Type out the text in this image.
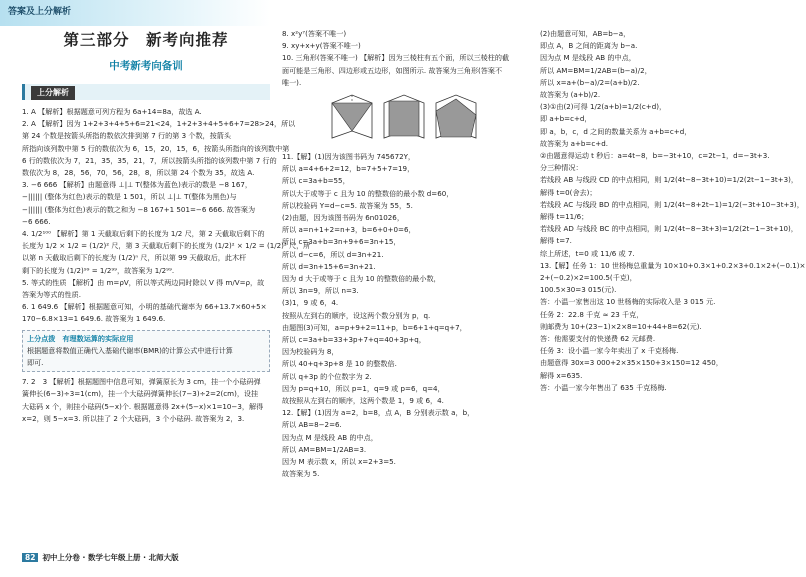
答案及上分解析
第三部分　新考向推荐
中考新考向备训
上分解析
1. A 【解析】根据题意可列方程为 6a+14=8a，故选 A.
2. A 【解析】因为 1+2+3+4+5+6=21<24，1+2+3+4+5+6+7=28>24，所以
第 24 个数是按箭头所指的数依次排到第 7 行的第 3 个数，按箭头
所指向该列数中第 5 行的数依次为 6，15，20，15，6，按箭头所指向的该列数中第
6 行的数依次为 7，21，35，35，21，7，所以按箭头所指的该列数中第 7 行的
数依次为 8，28，56，70，56，28，8，所以第 24 个数为 35，故选 A.
3. −6 666 【解析】由题意得 ⊥|⊥ T(整体为蓝色)表示的数是 −8 167，
−|||||| (整体为红色)表示的数是 1 501，所以 ⊥|⊥ T(整体为黑色)与
−|||||| (整体为红色)表示的数之和为 −8 167+1 501=−6 666. 故答案为
−6 666.
4. 1/2¹⁰⁰ 【解析】第 1 天截取后剩下的长度为 1/2 尺，第 2 天截取后剩下的
长度为 1/2 × 1/2 = (1/2)² 尺，第 3 天截取后剩下的长度为 (1/2)² × 1/2 = (1/2)³ 尺，所
以第 n 天截取后剩下的长度为 (1/2)ⁿ 尺，所以第 99 天截取后，此木杆
剩下的长度为 (1/2)⁹⁹ = 1/2⁹⁹，故答案为 1/2⁹⁹.
5. 等式的性质 【解析】由 m=ρV，所以等式两边同时除以 V 得 m/V=ρ，故
答案为等式的性质.
6. 1 649.6 【解析】根据题意可知，小明的基础代谢率为 66+13.7×60+5×
170−6.8×13=1 649.6. 故答案为 1 649.6.
上分点拨　有理数运算的实际应用
根据题意将数值正确代入基础代谢率(BMR)的计算公式中进行计算
即可.
7. 2　3 【解析】根据题图中信息可知，弹簧原长为 3 cm，挂一个小砝码弹
簧伸长(6−3)÷3=1(cm)，挂一个大砝码弹簧伸长(7−3)÷2=2(cm)，设挂
大砝码 x 个，则挂小砝码(5−x)个. 根据题意得 2x+(5−x)×1=10−3，解得
x=2，则 5−x=3. 所以挂了 2 个大砝码，3 个小砝码. 故答案为 2，3.
8. x²y⁷(答案不唯一)
9. xy+x+y(答案不唯一)
10. 三角形(答案不唯一) 【解析】因为三棱柱有五个面，所以三棱柱的截
面可能是三角形、四边形或五边形，如图所示. 故答案为三角形(答案不
唯一).
11.【解】(1)因为该图书码为 745672Y，
所以 a=4+6+2=12，b=7+5+7=19，
所以 c=3a+b=55，
所以大于或等于 c 且为 10 的整数倍的最小数 d=60，
所以校验码 Y=d−c=5. 故答案为 55，5.
(2)由题，因为该图书码为 6n01026，
所以 a=n+1+2=n+3，b=6+0+0=6，
所以 c=3a+b=3n+9+6=3n+15，
所以 d−c=6，所以 d=3n+21.
所以 d=3n+15+6=3n+21.
因为 d 大于或等于 c 且为 10 的整数倍的最小数，
所以 3n=9，所以 n=3.
(3)1，9 或 6，4.
按照从左到右的顺序，设这两个数分别为 p，q.
由题图(3)可知，a=p+9+2=11+p，b=6+1+q=q+7，
所以 c=3a+b=33+3p+7+q=40+3p+q，
因为校验码为 8，
所以 40+q+3p+8 是 10 的整数倍.
所以 q+3p 的个位数字为 2.
因为 p=q+10，所以 p=1，q=9 或 p=6，q=4，
故按照从左到右的顺序，这两个数是 1，9 或 6，4.
12.【解】(1)因为 a=2，b=8，点 A，B 分别表示数 a，b，
所以 AB=8−2=6.
因为点 M 是线段 AB 的中点，
所以 AM=BM=1/2AB=3.
因为 M 表示数 x，所以 x=2+3=5.
故答案为 5.
(2)由题意可知，AB=b−a，
即点 A，B 之间的距离为 b−a.
因为点 M 是线段 AB 的中点，
所以 AM=BM=1/2AB=(b−a)/2，
所以 x=a+(b−a)/2=(a+b)/2.
故答案为 (a+b)/2.
(3)①由(2)可得 1/2(a+b)=1/2(c+d)，
即 a+b=c+d，
即 a，b，c，d 之间的数量关系为 a+b=c+d，
故答案为 a+b=c+d.
②由题意得运动 t 秒后：a=4t−8，b=−3t+10，c=2t−1，d=−3t+3.
分三种情况：
若线段 AB 与线段 CD 的中点相同，则 1/2(4t−8−3t+10)=1/2(2t−1−3t+3)，
解得 t=0(舍去)；
若线段 AC 与线段 BD 的中点相同，则 1/2(4t−8+2t−1)=1/2(−3t+10−3t+3)，
解得 t=11/6；
若线段 AD 与线段 BC 的中点相同，则 1/2(4t−8−3t+3)=1/2(2t−1−3t+10)，
解得 t=7.
综上所述，t=0 或 11/6 或 7.
13.【解】任务 1：10 世杨梅总重量为 10×10+0.3×1+0.2×3+0.1×2+(−0.1)×
2+(−0.2)×2=100.5(千克)，
100.5×30=3 015(元).
答：小温一家售出这 10 世杨梅的实际收入是 3 015 元.
任务 2：22.8 千克 ≈ 23 千克，
则邮费为 10+(23−1)×2×8=10+44+8=62(元).
答：他需要支付的快递费 62 元邮费.
任务 3：设小温一家今年卖出了 x 千克杨梅.
由题意得 30x=3 000+2×35×150+3×150=12 450，
解得 x=635.
答：小温一家今年售出了 635 千克杨梅.
82 初中上分卷 · 数学七年级上册 · 北师大版
